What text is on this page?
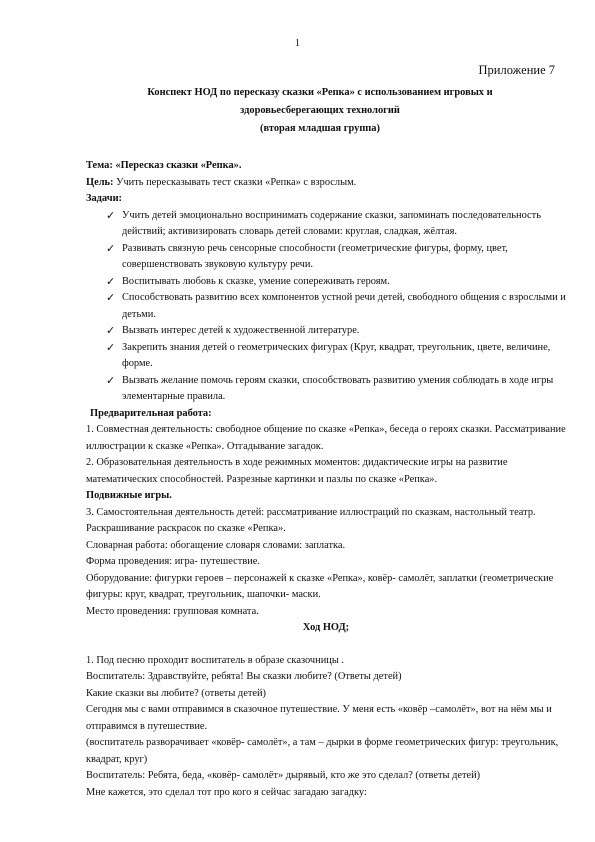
1
Приложение 7
Конспект НОД по пересказу сказки «Репка» с использованием игровых и
здоровьесберегающих технологий
(вторая младшая группа)

Тема: «Пересказ сказки «Репка».

Цель: Учить пересказывать тест сказки «Репка» с взрослым.

Задачи:

✓ Учить детей эмоционально воспринимать содержание сказки, запоминать последовательность действий; активизировать словарь детей словами: круглая, сладкая, жёлтая.
✓ Развивать связную речь сенсорные способности (геометрические фигуры, форму, цвет, совершенствовать звуковую культуру речи.
✓ Воспитывать любовь к сказке, умение сопереживать героям.
✓ Способствовать развитию всех компонентов устной речи детей, свободного общения с взрослыми и детьми.
✓ Вызвать интерес детей к художественной литературе.
✓ Закрепить знания детей о геометрических фигурах (Круг, квадрат, треугольник, цвете, величине, форме.
✓ Вызвать желание помочь героям сказки, способствовать развитию умения соблюдать в ходе игры элементарные правила.

Предварительная работа:

1. Совместная деятельность: свободное общение по сказке «Репка», беседа о героях сказки. Рассматривание иллюстрации к сказке «Репка». Отгадывание загадок.

2. Образовательная деятельность в ходе режимных моментов: дидактические игры на развитие математических способностей. Разрезные картинки и пазлы по сказке «Репка».

Подвижные игры.

3. Самостоятельная деятельность детей: рассматривание иллюстраций по сказкам, настольный театр. Раскрашивание раскрасок по сказке «Репка».

Словарная работа: обогащение словаря словами: заплатка.

Форма проведения: игра- путешествие.

Оборудование: фигурки героев – персонажей к сказке «Репка», ковёр- самолёт, заплатки (геометрические фигуры: круг, квадрат, треугольник, шапочки- маски.

Место проведения: групповая комната.

Ход НОД;

1. Под песню проходит воспитатель в образе сказочницы .

Воспитатель: Здравствуйте, ребята! Вы сказки любите? (Ответы детей)

Какие сказки вы любите? (ответы детей)

Сегодня мы с вами отправимся в сказочное путешествие. У меня есть «ковёр –самолёт», вот на нём мы и отправимся в путешествие.

(воспитатель разворачивает «ковёр- самолёт», а там – дырки в форме геометрических фигур: треугольник, квадрат, круг)

Воспитатель: Ребята, беда, «ковёр- самолёт» дырявый, кто же это сделал? (ответы детей)

Мне кажется, это сделал тот про кого я сейчас загадаю загадку:
